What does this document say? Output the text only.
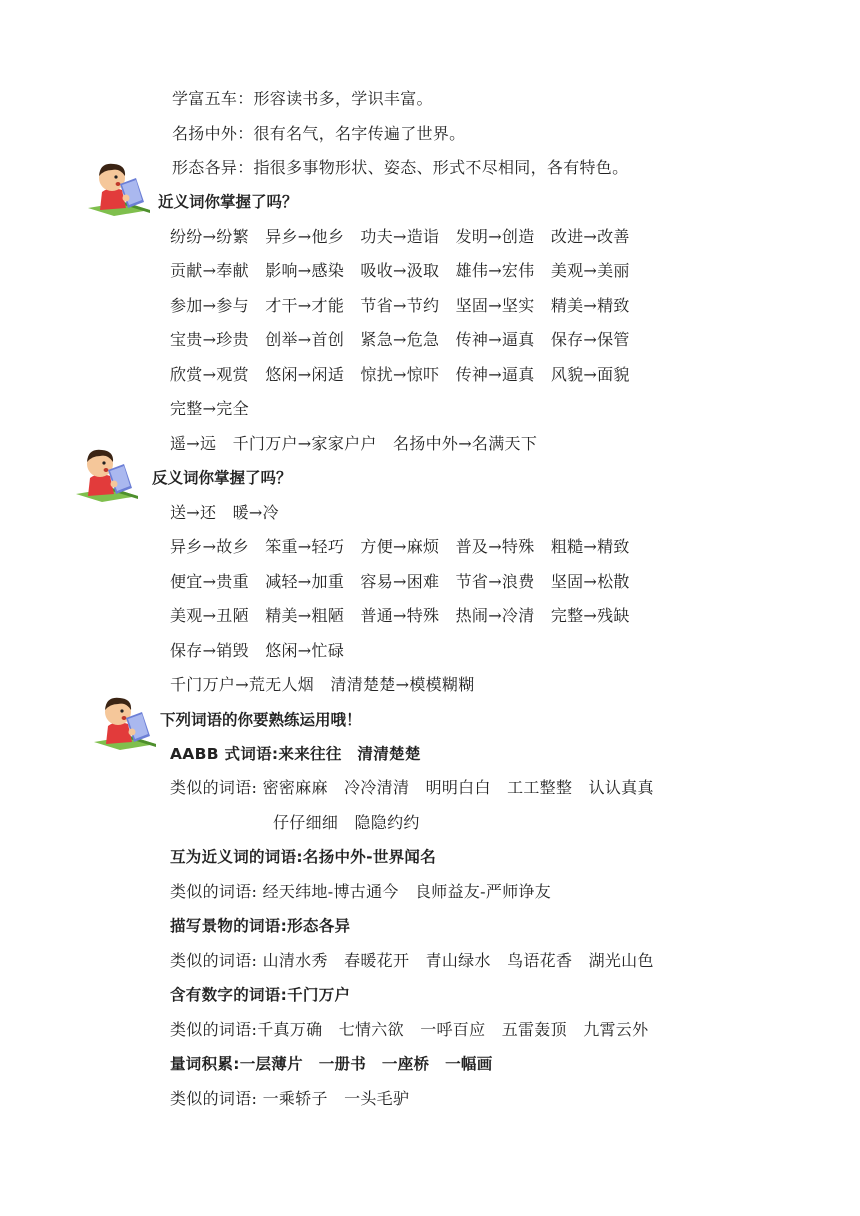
学富五车：形容读书多，学识丰富。
名扬中外：很有名气，名字传遍了世界。
形态各异：指很多事物形状、姿态、形式不尽相同，各有特色。
近义词你掌握了吗？
纷纷→纷繁　异乡→他乡　功夫→造诣　发明→创造　改进→改善
贡献→奉献　影响→感染　吸收→汲取　雄伟→宏伟　美观→美丽
参加→参与　才干→才能　节省→节约　坚固→坚实　精美→精致
宝贵→珍贵　创举→首创　紧急→危急　传神→逼真　保存→保管
欣赏→观赏　悠闲→闲适　惊扰→惊吓　传神→逼真　风貌→面貌
完整→完全
遥→远　千门万户→家家户户　名扬中外→名满天下
反义词你掌握了吗？
送→还　暖→冷
异乡→故乡　笨重→轻巧　方便→麻烦　普及→特殊　粗糙→精致
便宜→贵重　减轻→加重　容易→困难　节省→浪费　坚固→松散
美观→丑陋　精美→粗陋　普通→特殊　热闹→冷清　完整→残缺
保存→销毁　悠闲→忙碌
千门万户→荒无人烟　清清楚楚→模模糊糊
下列词语的你要熟练运用哦！
AABB 式词语:来来往往　清清楚楚
类似的词语: 密密麻麻　冷冷清清　明明白白　工工整整　认认真真
仔仔细细　隐隐约约
互为近义词的词语:名扬中外-世界闻名
类似的词语: 经天纬地-博古通今　良师益友-严师诤友
描写景物的词语:形态各异
类似的词语: 山清水秀　春暖花开　青山绿水　鸟语花香　湖光山色
含有数字的词语:千门万户
类似的词语:千真万确　七情六欲　一呼百应　五雷轰顶　九霄云外
量词积累:一层薄片　一册书　一座桥　一幅画
类似的词语: 一乘轿子　一头毛驴
